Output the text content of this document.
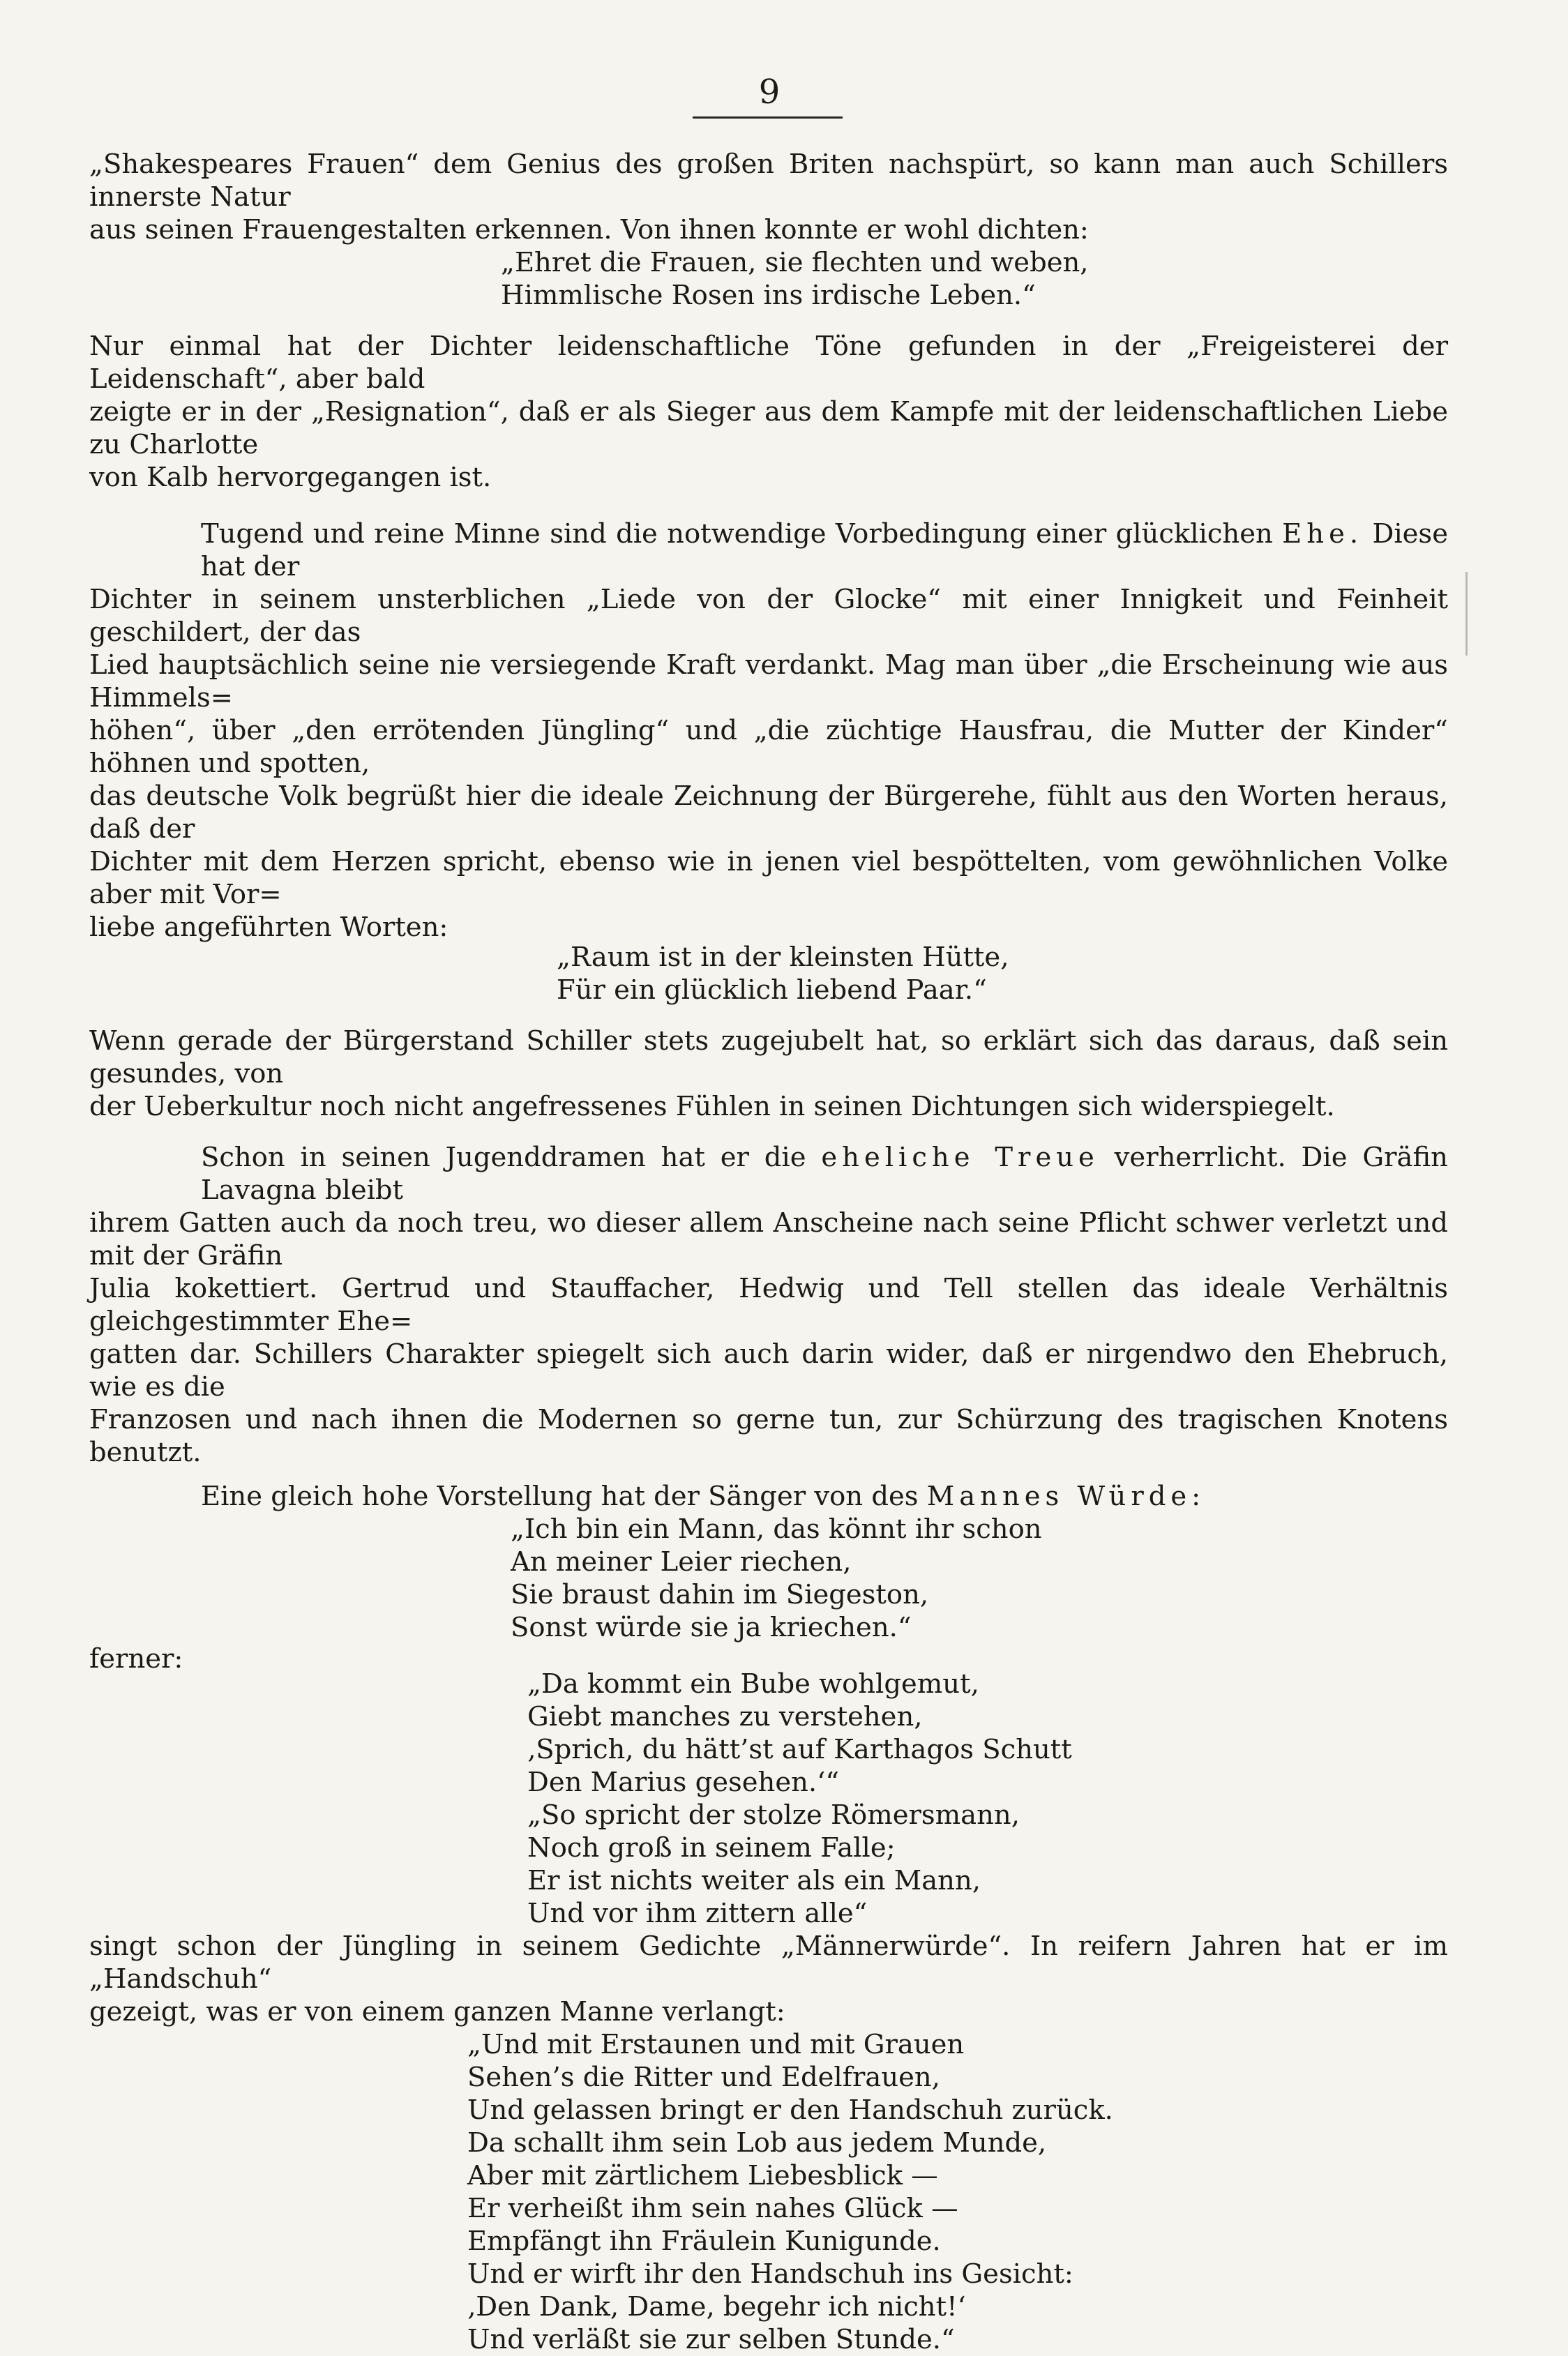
9
„Shakespeares Frauen“ dem Genius des großen Briten nachspürt, so kann man auch Schillers innerste Natur
aus seinen Frauengestalten erkennen. Von ihnen konnte er wohl dichten:
„Ehret die Frauen, sie flechten und weben,
Himmlische Rosen ins irdische Leben.“
Nur einmal hat der Dichter leidenschaftliche Töne gefunden in der „Freigeisterei der Leidenschaft“, aber bald
zeigte er in der „Resignation“, daß er als Sieger aus dem Kampfe mit der leidenschaftlichen Liebe zu Charlotte
von Kalb hervorgegangen ist.
Tugend und reine Minne sind die notwendige Vorbedingung einer glücklichen Ehe. Diese hat der
Dichter in seinem unsterblichen „Liede von der Glocke“ mit einer Innigkeit und Feinheit geschildert, der das
Lied hauptsächlich seine nie versiegende Kraft verdankt. Mag man über „die Erscheinung wie aus Himmels=
höhen“, über „den errötenden Jüngling“ und „die züchtige Hausfrau, die Mutter der Kinder“ höhnen und spotten,
das deutsche Volk begrüßt hier die ideale Zeichnung der Bürgerehe, fühlt aus den Worten heraus, daß der
Dichter mit dem Herzen spricht, ebenso wie in jenen viel bespöttelten, vom gewöhnlichen Volke aber mit Vor=
liebe angeführten Worten:
„Raum ist in der kleinsten Hütte,
Für ein glücklich liebend Paar.“
Wenn gerade der Bürgerstand Schiller stets zugejubelt hat, so erklärt sich das daraus, daß sein gesundes, von
der Ueberkultur noch nicht angefressenes Fühlen in seinen Dichtungen sich widerspiegelt.
Schon in seinen Jugenddramen hat er die eheliche Treue verherrlicht. Die Gräfin Lavagna bleibt
ihrem Gatten auch da noch treu, wo dieser allem Anscheine nach seine Pflicht schwer verletzt und mit der Gräfin
Julia kokettiert. Gertrud und Stauffacher, Hedwig und Tell stellen das ideale Verhältnis gleichgestimmter Ehe=
gatten dar. Schillers Charakter spiegelt sich auch darin wider, daß er nirgendwo den Ehebruch, wie es die
Franzosen und nach ihnen die Modernen so gerne tun, zur Schürzung des tragischen Knotens benutzt.
Eine gleich hohe Vorstellung hat der Sänger von des Mannes Würde:
„Ich bin ein Mann, das könnt ihr schon
An meiner Leier riechen,
Sie braust dahin im Siegeston,
Sonst würde sie ja kriechen.“
ferner:
„Da kommt ein Bube wohlgemut,
Giebt manches zu verstehen,
‚Sprich, du hätt’st auf Karthagos Schutt
Den Marius gesehen.‘“
„So spricht der stolze Römersmann,
Noch groß in seinem Falle;
Er ist nichts weiter als ein Mann,
Und vor ihm zittern alle“
singt schon der Jüngling in seinem Gedichte „Männerwürde“. In reifern Jahren hat er im „Handschuh“
gezeigt, was er von einem ganzen Manne verlangt:
„Und mit Erstaunen und mit Grauen
Sehen’s die Ritter und Edelfrauen,
Und gelassen bringt er den Handschuh zurück.
Da schallt ihm sein Lob aus jedem Munde,
Aber mit zärtlichem Liebesblick —
Er verheißt ihm sein nahes Glück —
Empfängt ihn Fräulein Kunigunde.
Und er wirft ihr den Handschuh ins Gesicht:
‚Den Dank, Dame, begehr ich nicht!‘
Und verläßt sie zur selben Stunde.“
